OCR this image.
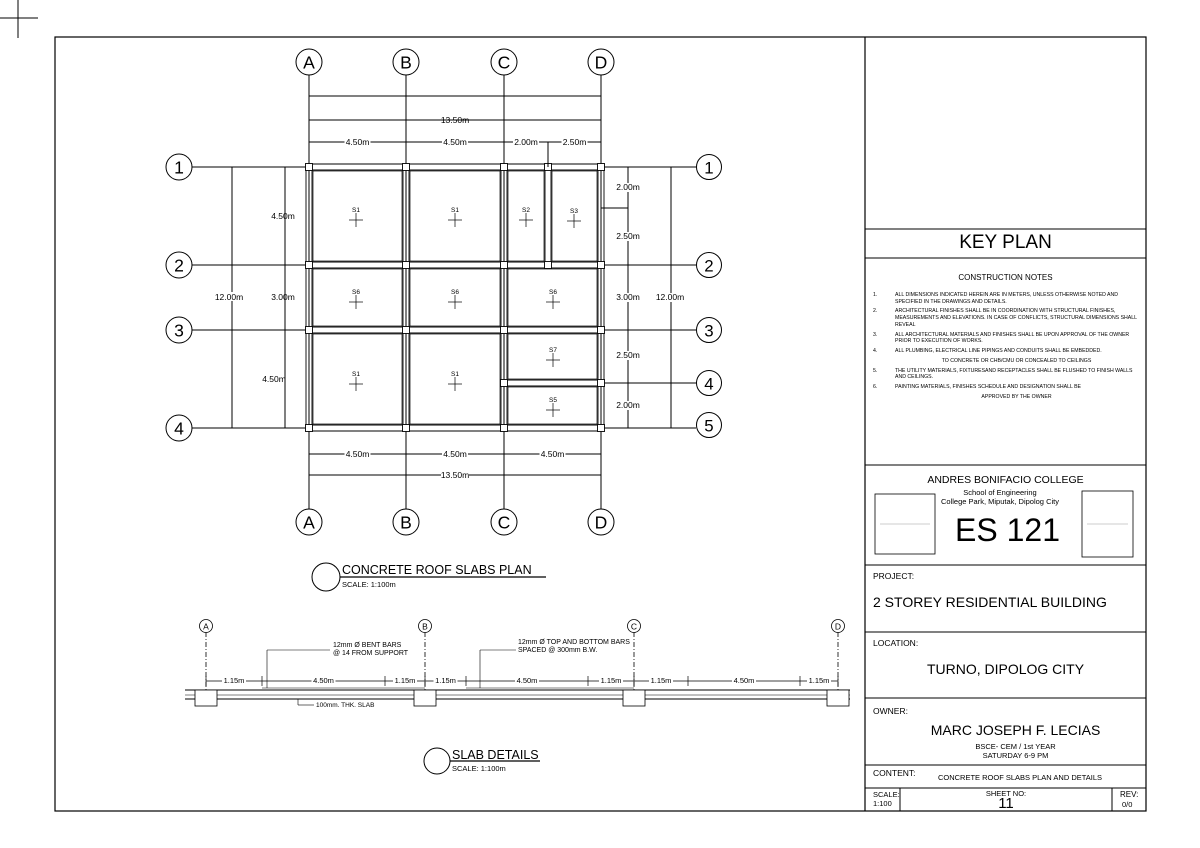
A	B	C	D
A	B	C	D
1
2
3
4
1
2
3
4
5
S1	S1	S2	S3
S6	S6	S6
S1	S1
S7
S5
13.50m
4.50m	4.50m	2.00m	2.50m
4.50m	4.50m	4.50m
13.50m
12.00m
4.50m
3.00m
4.50m
2.00m
2.50m
3.00m
2.50m
2.00m
12.00m
CONCRETE ROOF SLABS PLAN
SCALE: 1:100m
A	B	C	D
1.15m	4.50m	1.15m	1.15m	4.50m	1.15m	1.15m	4.50m	1.15m
12mm Ø BENT BARS
@ 14 FROM SUPPORT
12mm Ø TOP AND BOTTOM BARS
SPACED @ 300mm B.W.
100mm. THK. SLAB
SLAB DETAILS
SCALE: 1:100m
KEY PLAN
CONSTRUCTION NOTES
1.	ALL DIMENSIONS INDICATED HEREIN ARE IN METERS, UNLESS OTHERWISE NOTED AND SPECIFIED IN THE DRAWINGS AND DETAILS.
2.	ARCHITECTURAL FINISHES SHALL BE IN COORDINATION WITH STRUCTURAL FINISHES, MEASUREMENTS AND ELEVATIONS. IN CASE OF CONFLICTS, STRUCTURAL DIMENSIONS SHALL REVEAL
3.	ALL ARCHITECTURAL MATERIALS AND FINISHES SHALL BE UPON APPROVAL OF THE OWNER PRIOR TO EXECUTION OF WORKS.
4.	ALL PLUMBING, ELECTRICAL LINE PIPINGS AND CONDUITS SHALL BE EMBEDDED.
TO CONCRETE OR CHB/CMU OR CONCEALED TO CEILINGS
5.	THE UTILITY MATERIALS, FIXTURESAND RECEPTACLES SHALL BE FLUSHED TO FINISH WALLS AND CEILINGS.
6.	PAINTING MATERIALS, FINISHES SCHEDULE AND DESIGNATION SHALL BE
APPROVED BY THE OWNER
ANDRES BONIFACIO COLLEGE
School of Engineering
College Park, Miputak, Dipolog City
ES 121
PROJECT:
2 STOREY RESIDENTIAL BUILDING
LOCATION:
TURNO, DIPOLOG CITY
OWNER:
MARC JOSEPH F. LECIAS
BSCE- CEM / 1st YEAR
SATURDAY 6-9 PM
CONTENT:	CONCRETE ROOF SLABS PLAN AND DETAILS
SCALE:
1:100
SHEET NO:
11
REV:
0/0
